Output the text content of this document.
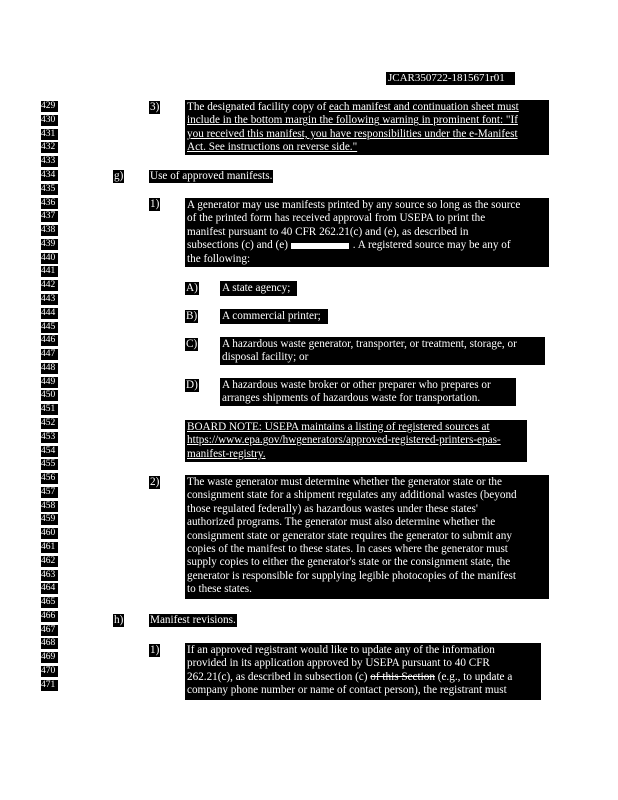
JCAR350722-1815671r01
429
430
431
432
433
434
435
436
437
438
439
440
441
442
443
444
445
446
447
448
449
450
451
452
453
454
455
456
457
458
459
460
461
462
463
464
465
466
467
468
469
470
471
3) The designated facility copy of each manifest and continuation sheet must
include in the bottom margin the following warning in prominent font: "If
you received this manifest, you have responsibilities under the e-Manifest
Act. See instructions on reverse side."
g) Use of approved manifests.
1) A generator may use manifests printed by any source so long as the source
of the printed form has received approval from USEPA to print the
manifest pursuant to 40 CFR 262.21(c) and (e), as described in
subsections (c) and (e)	. A registered source may be any of
the following:
A) A state agency;
B) A commercial printer;
C) A hazardous waste generator, transporter, or treatment, storage, or
disposal facility; or
D) A hazardous waste broker or other preparer who prepares or
arranges shipments of hazardous waste for transportation.
BOARD NOTE: USEPA maintains a listing of registered sources at
https://www.epa.gov/hwgenerators/approved-registered-printers-epas-
manifest-registry.
2) The waste generator must determine whether the generator state or the
consignment state for a shipment regulates any additional wastes (beyond
those regulated federally) as hazardous wastes under these states'
authorized programs. The generator must also determine whether the
consignment state or generator state requires the generator to submit any
copies of the manifest to these states. In cases where the generator must
supply copies to either the generator's state or the consignment state, the
generator is responsible for supplying legible photocopies of the manifest
to these states.
h) Manifest revisions.
1) If an approved registrant would like to update any of the information
provided in its application approved by USEPA pursuant to 40 CFR
262.21(c), as described in subsection (c) of this Section (e.g., to update a
company phone number or name of contact person), the registrant must
